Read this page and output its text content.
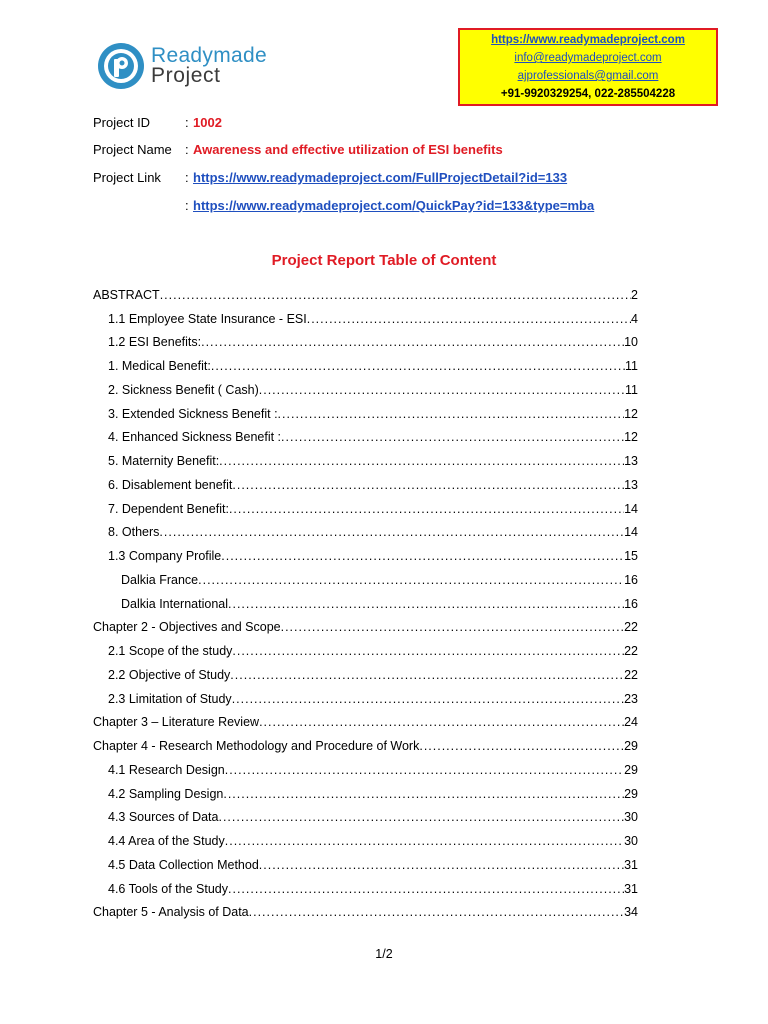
Readymade
Project
https://www.readymadeproject.com
info@readymadeproject.com
ajprofessionals@gmail.com
+91-9920329254, 022-285504228
Project ID	: 1002
Project Name : Awareness and effective utilization of ESI benefits
Project Link : https://www.readymadeproject.com/FullProjectDetail?id=133
: https://www.readymadeproject.com/QuickPay?id=133&type=mba
Project Report Table of Content
ABSTRACT .....	2
1.1 Employee State Insurance - ESI .....	4
1.2 ESI Benefits: .....	10
1. Medical Benefit: .....	11
2. Sickness Benefit ( Cash) .....	11
3. Extended Sickness Benefit : .....	12
4. Enhanced Sickness Benefit : .....	12
5. Maternity Benefit: .....	13
6. Disablement benefit .....	13
7. Dependent Benefit: .....	14
8. Others .....	14
1.3 Company Profile .....	15
Dalkia France .....	16
Dalkia International .....	16
Chapter 2 - Objectives and Scope .....	22
2.1 Scope of the study .....	22
2.2 Objective of Study .....	22
2.3 Limitation of Study .....	23
Chapter 3 – Literature Review .....	24
Chapter 4 - Research Methodology and Procedure of Work .....	29
4.1 Research Design .....	29
4.2 Sampling Design .....	29
4.3 Sources of Data .....	30
4.4 Area of the Study .....	30
4.5 Data Collection Method .....	31
4.6 Tools of the Study .....	31
Chapter 5 - Analysis of Data .....	34
1/2
